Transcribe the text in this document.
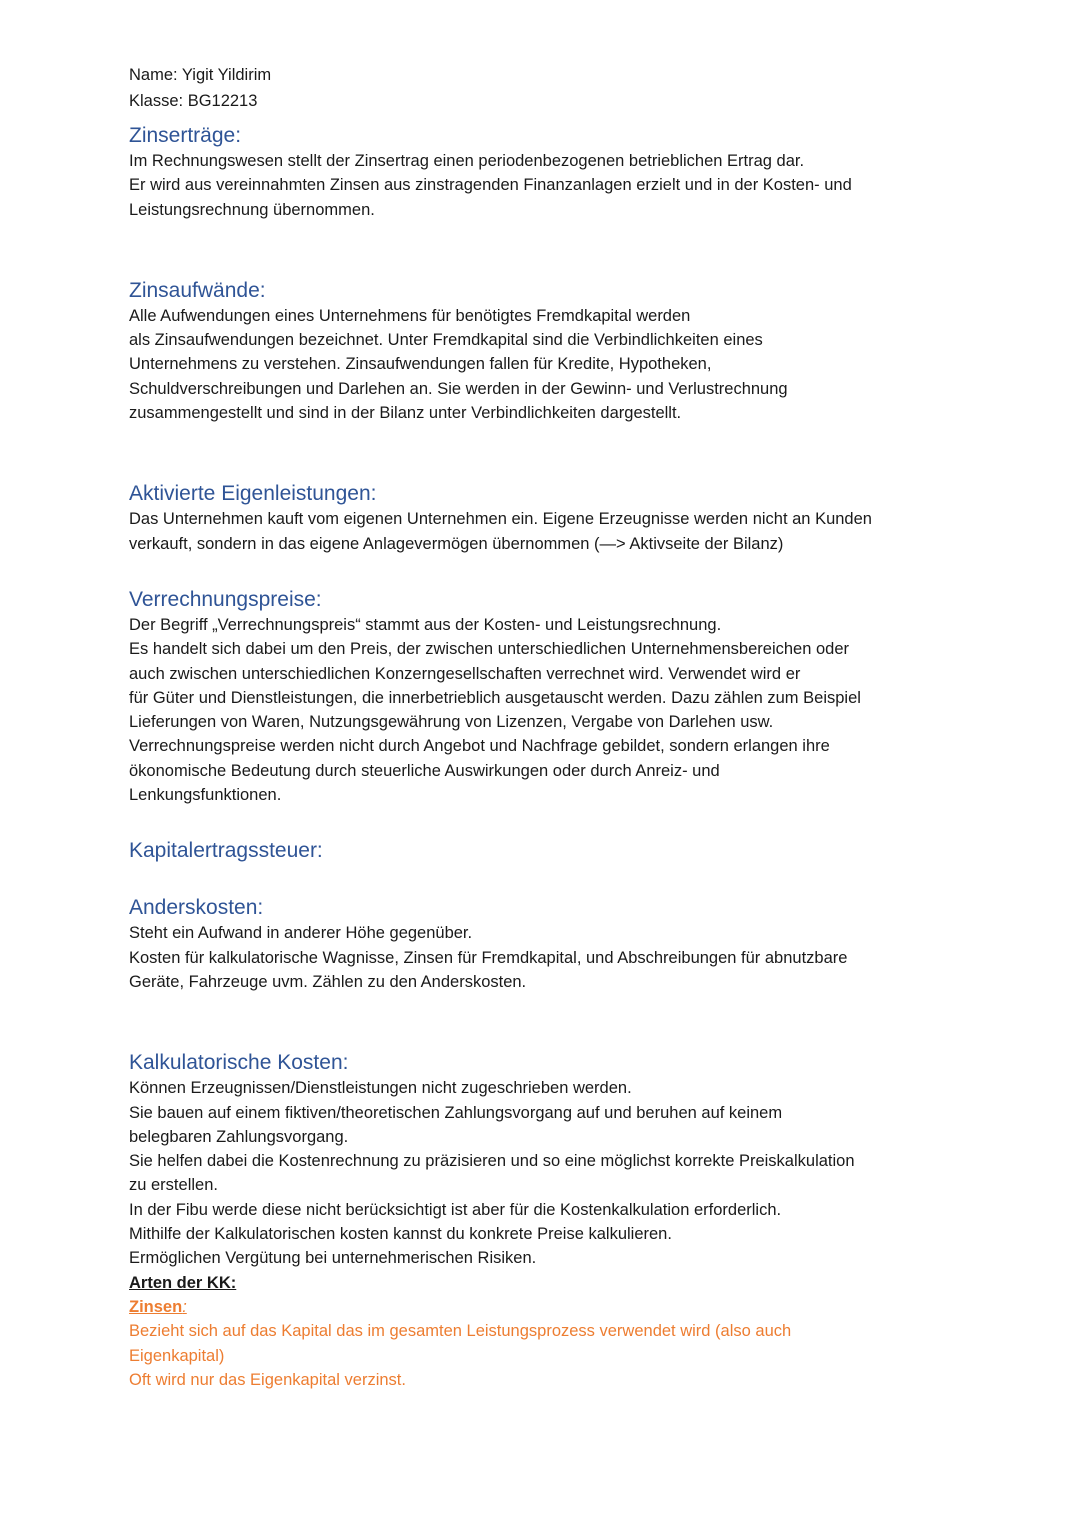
Name: Yigit Yildirim

Klasse: BG12213

Zinserträge:

Im Rechnungswesen stellt der Zinsertrag einen periodenbezogenen betrieblichen Ertrag dar.
Er wird aus vereinnahmten Zinsen aus zinstragenden Finanzanlagen erzielt und in der Kosten- und
Leistungsrechnung übernommen.

Zinsaufwände:

Alle Aufwendungen eines Unternehmens für benötigtes Fremdkapital werden
als Zinsaufwendungen bezeichnet. Unter Fremdkapital sind die Verbindlichkeiten eines
Unternehmens zu verstehen. Zinsaufwendungen fallen für Kredite, Hypotheken,
Schuldverschreibungen und Darlehen an. Sie werden in der Gewinn- und Verlustrechnung
zusammengestellt und sind in der Bilanz unter Verbindlichkeiten dargestellt.

Aktivierte Eigenleistungen:

Das Unternehmen kauft vom eigenen Unternehmen ein. Eigene Erzeugnisse werden nicht an Kunden
verkauft, sondern in das eigene Anlagevermögen übernommen (—> Aktivseite der Bilanz)

Verrechnungspreise:

Der Begriff „Verrechnungspreis“ stammt aus der Kosten- und Leistungsrechnung.
Es handelt sich dabei um den Preis, der zwischen unterschiedlichen Unternehmensbereichen oder
auch zwischen unterschiedlichen Konzerngesellschaften verrechnet wird. Verwendet wird er
für Güter und Dienstleistungen, die innerbetrieblich ausgetauscht werden. Dazu zählen zum Beispiel
Lieferungen von Waren, Nutzungsgewährung von Lizenzen, Vergabe von Darlehen usw.
Verrechnungspreise werden nicht durch Angebot und Nachfrage gebildet, sondern erlangen ihre
ökonomische Bedeutung durch steuerliche Auswirkungen oder durch Anreiz- und
Lenkungsfunktionen.

Kapitalertragssteuer:
Anderskosten:

Steht ein Aufwand in anderer Höhe gegenüber.
Kosten für kalkulatorische Wagnisse, Zinsen für Fremdkapital, und Abschreibungen für abnutzbare
Geräte, Fahrzeuge uvm. Zählen zu den Anderskosten.

Kalkulatorische Kosten:

Können Erzeugnissen/Dienstleistungen nicht zugeschrieben werden.
Sie bauen auf einem fiktiven/theoretischen Zahlungsvorgang auf und beruhen auf keinem
belegbaren Zahlungsvorgang.
Sie helfen dabei die Kostenrechnung zu präzisieren und so eine möglichst korrekte Preiskalkulation
zu erstellen.
In der Fibu werde diese nicht berücksichtigt ist aber für die Kostenkalkulation erforderlich.
Mithilfe der Kalkulatorischen kosten kannst du konkrete Preise kalkulieren.
Ermöglichen Vergütung bei unternehmerischen Risiken.

Arten der KK:

Zinsen:

Bezieht sich auf das Kapital das im gesamten Leistungsprozess verwendet wird (also auch
Eigenkapital)
Oft wird nur das Eigenkapital verzinst.
